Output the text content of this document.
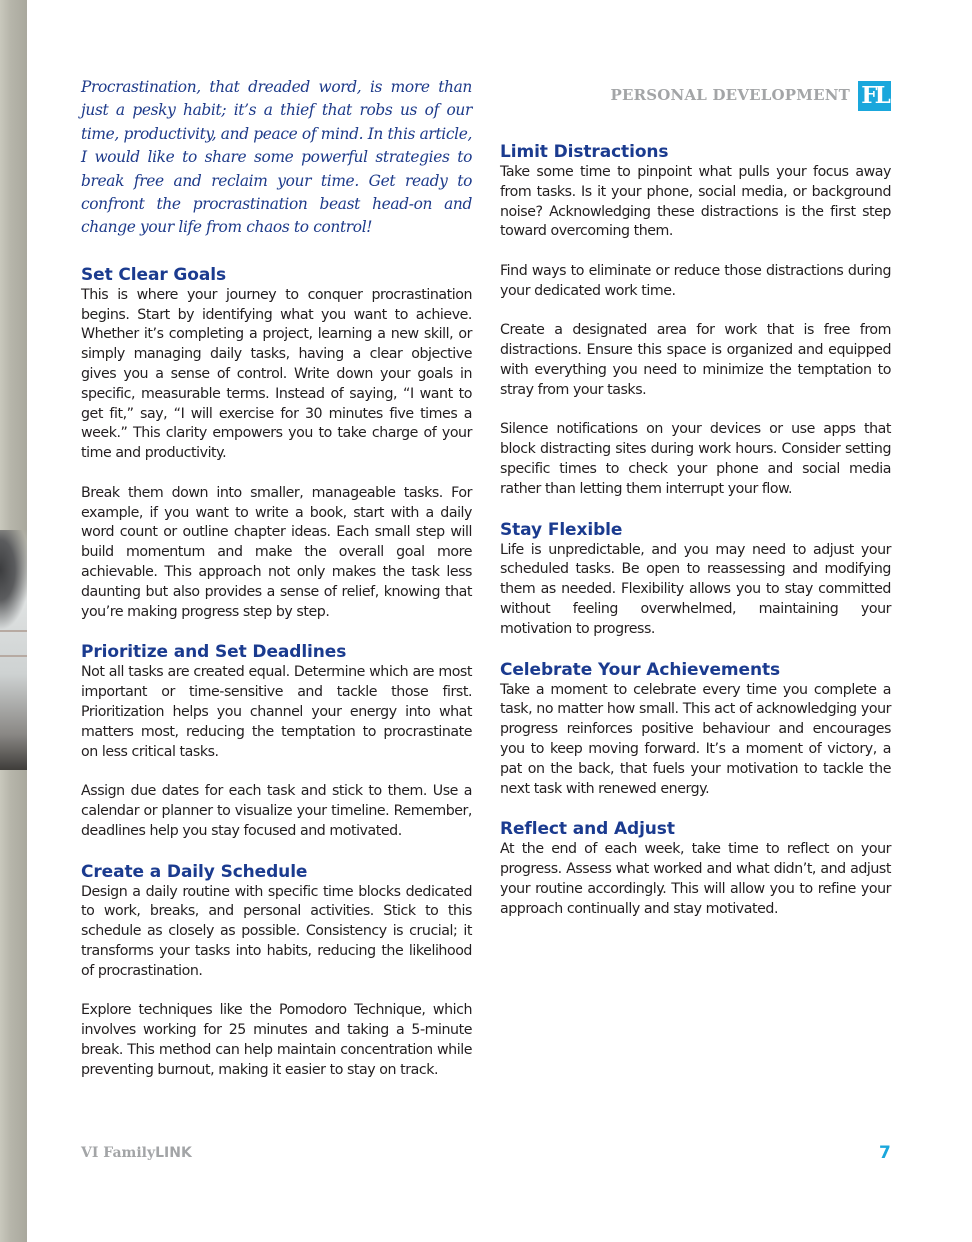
PERSONAL DEVELOPMENT FL

Procrastination, that dreaded word, is more than just a pesky habit; it’s a thief that robs us of our time, productivity, and peace of mind. In this article, I would like to share some powerful strategies to break free and reclaim your time. Get ready to confront the procrastination beast head-on and change your life from chaos to control!

Set Clear Goals

This is where your journey to conquer procrastination begins. Start by identifying what you want to achieve. Whether it’s completing a project, learning a new skill, or simply managing daily tasks, having a clear objective gives you a sense of control. Write down your goals in specific, measurable terms. Instead of saying, “I want to get fit,” say, “I will exercise for 30 minutes five times a week.” This clarity empowers you to take charge of your time and productivity.

Break them down into smaller, manageable tasks. For example, if you want to write a book, start with a daily word count or outline chapter ideas. Each small step will build momentum and make the overall goal more achievable. This approach not only makes the task less daunting but also provides a sense of relief, knowing that you’re making progress step by step.

Prioritize and Set Deadlines

Not all tasks are created equal. Determine which are most important or time-sensitive and tackle those first. Prioritization helps you channel your energy into what matters most, reducing the temptation to procrastinate on less critical tasks.

Assign due dates for each task and stick to them. Use a calendar or planner to visualize your timeline. Remember, deadlines help you stay focused and motivated.

Create a Daily Schedule

Design a daily routine with specific time blocks dedicated to work, breaks, and personal activities. Stick to this schedule as closely as possible. Consistency is crucial; it transforms your tasks into habits, reducing the likelihood of procrastination.

Explore techniques like the Pomodoro Technique, which involves working for 25 minutes and taking a 5-minute break. This method can help maintain concentration while preventing burnout, making it easier to stay on track.

Limit Distractions

Take some time to pinpoint what pulls your focus away from tasks. Is it your phone, social media, or background noise? Acknowledging these distractions is the first step toward overcoming them.

Find ways to eliminate or reduce those distractions during your dedicated work time.

Create a designated area for work that is free from distractions. Ensure this space is organized and equipped with everything you need to minimize the temptation to stray from your tasks.

Silence notifications on your devices or use apps that block distracting sites during work hours. Consider setting specific times to check your phone and social media rather than letting them interrupt your flow.

Stay Flexible

Life is unpredictable, and you may need to adjust your scheduled tasks. Be open to reassessing and modifying them as needed. Flexibility allows you to stay committed without feeling overwhelmed, maintaining your motivation to progress.

Celebrate Your Achievements

Take a moment to celebrate every time you complete a task, no matter how small. This act of acknowledging your progress reinforces positive behaviour and encourages you to keep moving forward. It’s a moment of victory, a pat on the back, that fuels your motivation to tackle the next task with renewed energy.

Reflect and Adjust

At the end of each week, take time to reflect on your progress. Assess what worked and what didn’t, and adjust your routine accordingly. This will allow you to refine your approach continually and stay motivated.

VI FamilyLINK	7
